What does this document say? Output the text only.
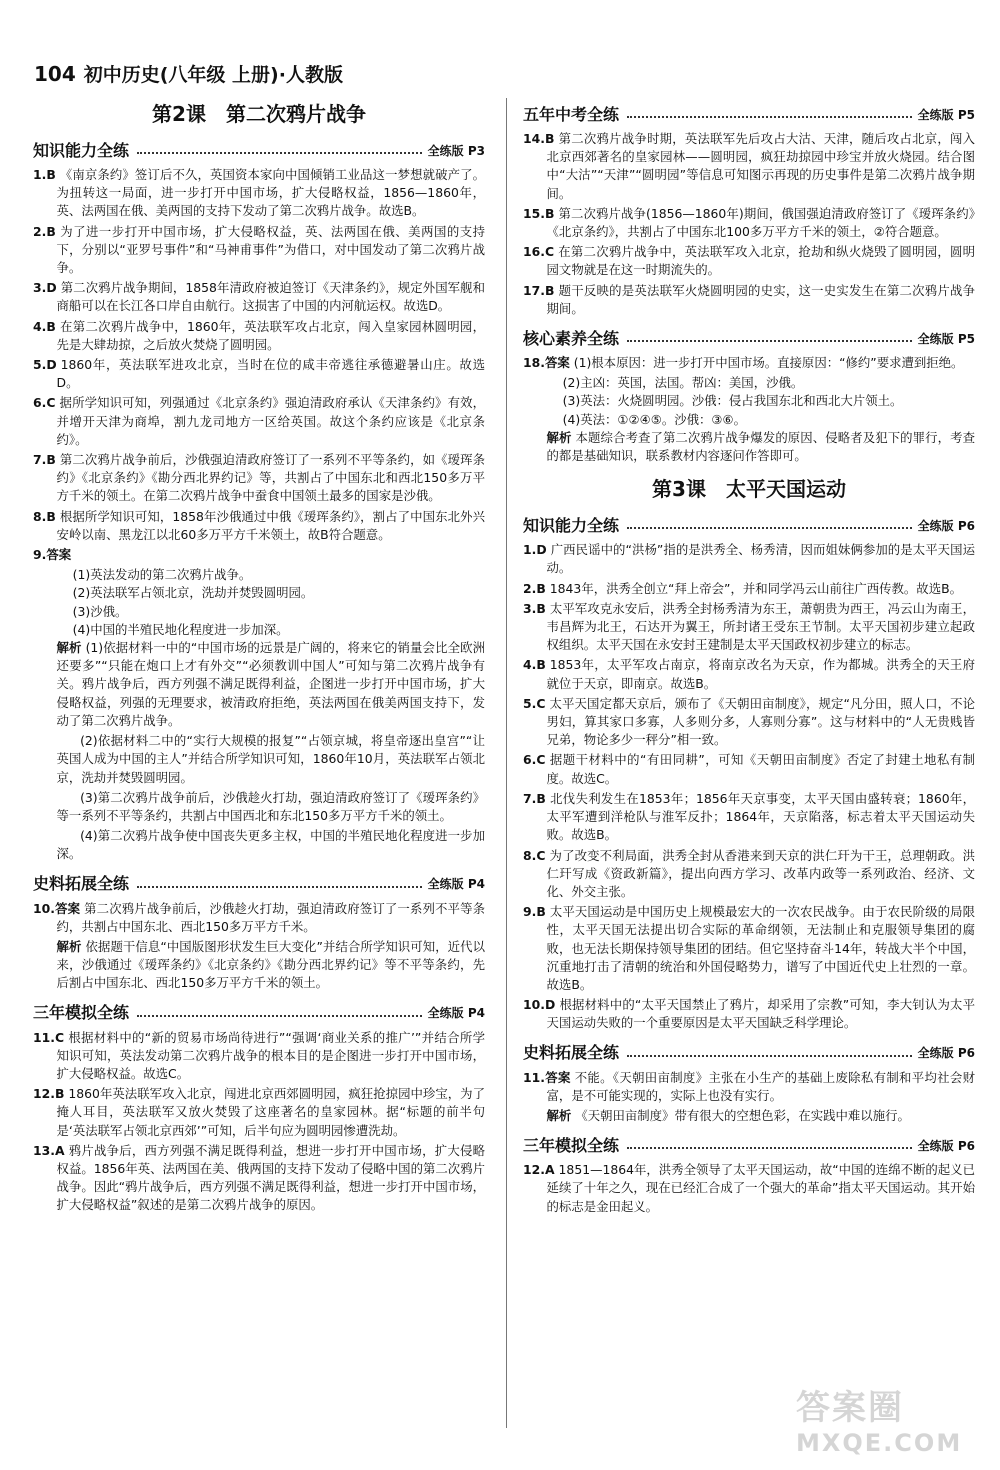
104 初中历史(八年级 上册)·人教版
第2课 第二次鸦片战争
知识能力全练	全练版 P3
1.B 《南京条约》签订后不久，英国资本家向中国倾销工业品这一梦想就破产了。为扭转这一局面，进一步打开中国市场，扩大侵略权益，1856—1860年，英、法两国在俄、美两国的支持下发动了第二次鸦片战争。故选B。
2.B 为了进一步打开中国市场，扩大侵略权益，英、法两国在俄、美两国的支持下，分别以“亚罗号事件”和“马神甫事件”为借口，对中国发动了第二次鸦片战争。
3.D 第二次鸦片战争期间，1858年清政府被迫签订《天津条约》，规定外国军舰和商船可以在长江各口岸自由航行。这损害了中国的内河航运权。故选D。
4.B 在第二次鸦片战争中，1860年，英法联军攻占北京，闯入皇家园林圆明园，先是大肆劫掠，之后放火焚烧了圆明园。
5.D 1860年，英法联军进攻北京，当时在位的咸丰帝逃往承德避暑山庄。故选D。
6.C 据所学知识可知，列强通过《北京条约》强迫清政府承认《天津条约》有效，并增开天津为商埠，割九龙司地方一区给英国。故这个条约应该是《北京条约》。
7.B 第二次鸦片战争前后，沙俄强迫清政府签订了一系列不平等条约，如《瑷珲条约》《北京条约》《勘分西北界约记》等，共割占了中国东北和西北150多万平方千米的领土。在第二次鸦片战争中蚕食中国领土最多的国家是沙俄。
8.B 根据所学知识可知，1858年沙俄通过中俄《瑷珲条约》，割占了中国东北外兴安岭以南、黑龙江以北60多万平方千米领土，故B符合题意。
9.答案
(1)英法发动的第二次鸦片战争。
(2)英法联军占领北京，洗劫并焚毁圆明园。
(3)沙俄。
(4)中国的半殖民地化程度进一步加深。
解析 (1)依据材料一中的“中国市场的远景是广阔的，将来它的销量会比全欧洲还要多”“只能在炮口上才有外交”“必须教训中国人”可知与第二次鸦片战争有关。鸦片战争后，西方列强不满足既得利益，企图进一步打开中国市场，扩大侵略权益，列强的无理要求，被清政府拒绝，英法两国在俄美两国支持下，发动了第二次鸦片战争。
(2)依据材料二中的“实行大规模的报复”“占领京城，将皇帝逐出皇宫”“让英国人成为中国的主人”并结合所学知识可知，1860年10月，英法联军占领北京，洗劫并焚毁圆明园。
(3)第二次鸦片战争前后，沙俄趁火打劫，强迫清政府签订了《瑷珲条约》等一系列不平等条约，共割占中国西北和东北150多万平方千米的领土。
(4)第二次鸦片战争使中国丧失更多主权，中国的半殖民地化程度进一步加深。
史料拓展全练	全练版 P4
10.答案 第二次鸦片战争前后，沙俄趁火打劫，强迫清政府签订了一系列不平等条约，共割占中国东北、西北150多万平方千米。
解析 依据题干信息“中国版图形状发生巨大变化”并结合所学知识可知，近代以来，沙俄通过《瑷珲条约》《北京条约》《勘分西北界约记》等不平等条约，先后割占中国东北、西北150多万平方千米的领土。
三年模拟全练	全练版 P4
11.C 根据材料中的“新的贸易市场尚待进行”“强调‘商业关系的推广’”并结合所学知识可知，英法发动第二次鸦片战争的根本目的是企图进一步打开中国市场，扩大侵略权益。故选C。
12.B 1860年英法联军攻入北京，闯进北京西郊圆明园，疯狂抢掠园中珍宝，为了掩人耳目，英法联军又放火焚毁了这座著名的皇家园林。据“标题的前半句是‘英法联军占领北京西郊’”可知，后半句应为圆明园惨遭洗劫。
13.A 鸦片战争后，西方列强不满足既得利益，想进一步打开中国市场，扩大侵略权益。1856年英、法两国在美、俄两国的支持下发动了侵略中国的第二次鸦片战争。因此“鸦片战争后，西方列强不满足既得利益，想进一步打开中国市场，扩大侵略权益”叙述的是第二次鸦片战争的原因。
五年中考全练	全练版 P5
14.B 第二次鸦片战争时期，英法联军先后攻占大沽、天津，随后攻占北京，闯入北京西郊著名的皇家园林——圆明园，疯狂劫掠园中珍宝并放火烧园。结合图中“大沽”“天津”“圆明园”等信息可知图示再现的历史事件是第二次鸦片战争期间。
15.B 第二次鸦片战争(1856—1860年)期间，俄国强迫清政府签订了《瑷珲条约》《北京条约》，共割占了中国东北100多万平方千米的领土，②符合题意。
16.C 在第二次鸦片战争中，英法联军攻入北京，抢劫和纵火烧毁了圆明园，圆明园文物就是在这一时期流失的。
17.B 题干反映的是英法联军火烧圆明园的史实，这一史实发生在第二次鸦片战争期间。
核心素养全练	全练版 P5
18.答案 (1)根本原因：进一步打开中国市场。直接原因：“修约”要求遭到拒绝。
(2)主凶：英国，法国。帮凶：美国，沙俄。
(3)英法：火烧圆明园。沙俄：侵占我国东北和西北大片领土。
(4)英法：①②④⑤。沙俄：③⑥。
解析 本题综合考查了第二次鸦片战争爆发的原因、侵略者及犯下的罪行，考查的都是基础知识，联系教材内容逐问作答即可。
第3课 太平天国运动
知识能力全练	全练版 P6
1.D 广西民谣中的“洪杨”指的是洪秀全、杨秀清，因而姐妹俩参加的是太平天国运动。
2.B 1843年，洪秀全创立“拜上帝会”，并和同学冯云山前往广西传教。故选B。
3.B 太平军攻克永安后，洪秀全封杨秀清为东王，萧朝贵为西王，冯云山为南王，韦昌辉为北王，石达开为翼王，所封诸王受东王节制。太平天国初步建立起政权组织。太平天国在永安封王建制是太平天国政权初步建立的标志。
4.B 1853年，太平军攻占南京，将南京改名为天京，作为都城。洪秀全的天王府就位于天京，即南京。故选B。
5.C 太平天国定都天京后，颁布了《天朝田亩制度》，规定“凡分田，照人口，不论男妇，算其家口多寡，人多则分多，人寡则分寡”。这与材料中的“人无贵贱皆兄弟，物论多少一秤分”相一致。
6.C 据题干材料中的“有田同耕”，可知《天朝田亩制度》否定了封建土地私有制度。故选C。
7.B 北伐失利发生在1853年；1856年天京事变，太平天国由盛转衰；1860年，太平军遭到洋枪队与淮军反扑；1864年，天京陷落，标志着太平天国运动失败。故选B。
8.C 为了改变不利局面，洪秀全封从香港来到天京的洪仁玕为干王，总理朝政。洪仁玕写成《资政新篇》，提出向西方学习、改革内政等一系列政治、经济、文化、外交主张。
9.B 太平天国运动是中国历史上规模最宏大的一次农民战争。由于农民阶级的局限性，太平天国无法提出切合实际的革命纲领，无法制止和克服领导集团的腐败，也无法长期保持领导集团的团结。但它坚持奋斗14年，转战大半个中国，沉重地打击了清朝的统治和外国侵略势力，谱写了中国近代史上壮烈的一章。故选B。
10.D 根据材料中的“太平天国禁止了鸦片，却采用了宗教”可知，李大钊认为太平天国运动失败的一个重要原因是太平天国缺乏科学理论。
史料拓展全练	全练版 P6
11.答案 不能。《天朝田亩制度》主张在小生产的基础上废除私有制和平均社会财富，是不可能实现的，实际上也没有实行。
解析 《天朝田亩制度》带有很大的空想色彩，在实践中难以施行。
三年模拟全练	全练版 P6
12.A 1851—1864年，洪秀全领导了太平天国运动，故“中国的连绵不断的起义已延续了十年之久，现在已经汇合成了一个强大的革命”指太平天国运动。其开始的标志是金田起义。
答案圈
MXQE.COM
